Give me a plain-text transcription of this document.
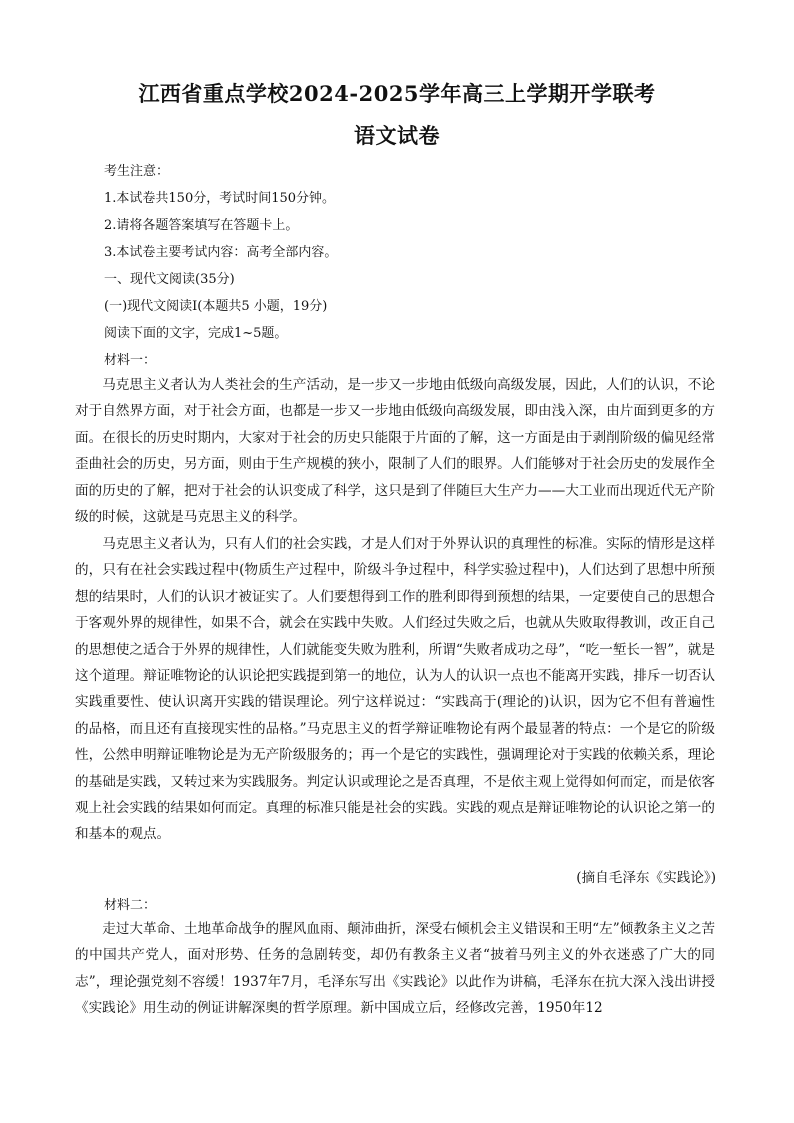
江西省重点学校2024-2025学年高三上学期开学联考
语文试卷
考生注意：
1.本试卷共150分，考试时间150分钟。
2.请将各题答案填写在答题卡上。
3.本试卷主要考试内容：高考全部内容。
一、现代文阅读(35分)
(一)现代文阅读Ⅰ(本题共5 小题，19分)
阅读下面的文字，完成1~5题。
材料一：
马克思主义者认为人类社会的生产活动，是一步又一步地由低级向高级发展，因此，人们的认识，不论对于自然界方面，对于社会方面，也都是一步又一步地由低级向高级发展，即由浅入深，由片面到更多的方面。在很长的历史时期内，大家对于社会的历史只能限于片面的了解，这一方面是由于剥削阶级的偏见经常歪曲社会的历史，另方面，则由于生产规模的狭小，限制了人们的眼界。人们能够对于社会历史的发展作全面的历史的了解，把对于社会的认识变成了科学，这只是到了伴随巨大生产力——大工业而出现近代无产阶级的时候，这就是马克思主义的科学。
马克思主义者认为，只有人们的社会实践，才是人们对于外界认识的真理性的标准。实际的情形是这样的，只有在社会实践过程中(物质生产过程中，阶级斗争过程中，科学实验过程中)，人们达到了思想中所预想的结果时，人们的认识才被证实了。人们要想得到工作的胜利即得到预想的结果，一定要使自己的思想合于客观外界的规律性，如果不合，就会在实践中失败。人们经过失败之后，也就从失败取得教训，改正自己的思想使之适合于外界的规律性，人们就能变失败为胜利，所谓“失败者成功之母”，“吃一堑长一智”，就是这个道理。辩证唯物论的认识论把实践提到第一的地位，认为人的认识一点也不能离开实践，排斥一切否认实践重要性、使认识离开实践的错误理论。列宁这样说过：“实践高于(理论的)认识，因为它不但有普遍性的品格，而且还有直接现实性的品格。”马克思主义的哲学辩证唯物论有两个最显著的特点：一个是它的阶级性，公然申明辩证唯物论是为无产阶级服务的；再一个是它的实践性，强调理论对于实践的依赖关系，理论的基础是实践，又转过来为实践服务。判定认识或理论之是否真理，不是依主观上觉得如何而定，而是依客观上社会实践的结果如何而定。真理的标准只能是社会的实践。实践的观点是辩证唯物论的认识论之第一的和基本的观点。
(摘自毛泽东《实践论》)
材料二：
走过大革命、土地革命战争的腥风血雨、颠沛曲折，深受右倾机会主义错误和王明“左”倾教条主义之苦的中国共产党人，面对形势、任务的急剧转变，却仍有教条主义者“披着马列主义的外衣迷惑了广大的同志”，理论强党刻不容缓！1937年7月，毛泽东写出《实践论》以此作为讲稿，毛泽东在抗大深入浅出讲授《实践论》用生动的例证讲解深奥的哲学原理。新中国成立后，经修改完善，1950年12
